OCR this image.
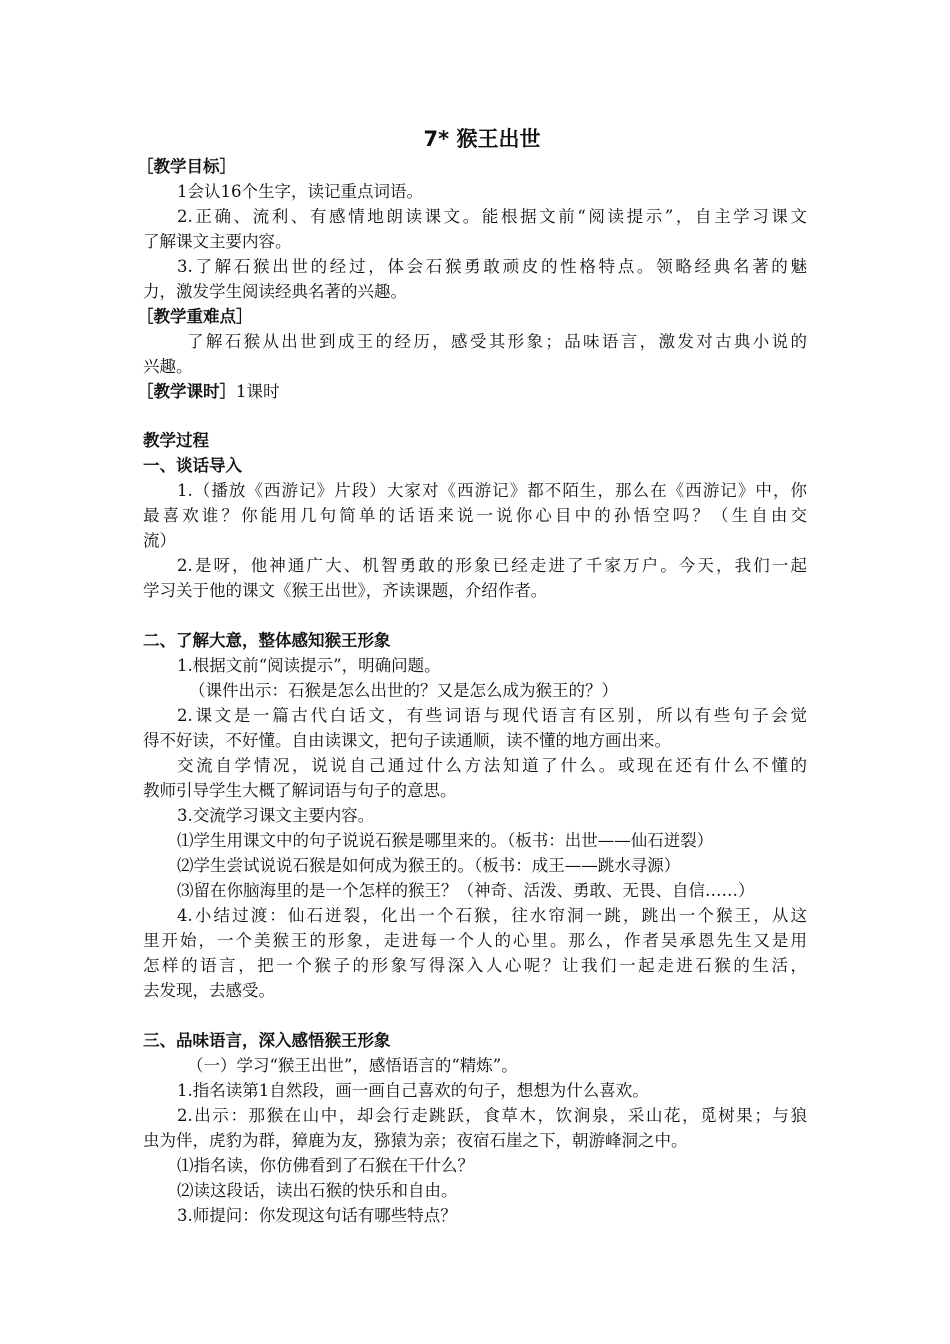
7* 猴王出世

［教学目标］

1会认16个生字，读记重点词语。

2.正确、流利、有感情地朗读课文。能根据文前“阅读提示”，自主学习课文

了解课文主要内容。

3.了解石猴出世的经过，体会石猴勇敢顽皮的性格特点。领略经典名著的魅

力，激发学生阅读经典名著的兴趣。

［教学重难点］

了解石猴从出世到成王的经历，感受其形象；品味语言，激发对古典小说的

兴趣。

［教学课时］1课时

教学过程

一、谈话导入

1.（播放《西游记》片段）大家对《西游记》都不陌生，那么在《西游记》中，你

最喜欢谁？你能用几句简单的话语来说一说你心目中的孙悟空吗？（生自由交

流）

2.是呀，他神通广大、机智勇敢的形象已经走进了千家万户。今天，我们一起

学习关于他的课文《猴王出世》，齐读课题，介绍作者。

二、了解大意，整体感知猴王形象

1.根据文前“阅读提示”，明确问题。

（课件出示：石猴是怎么出世的？又是怎么成为猴王的？）

2.课文是一篇古代白话文，有些词语与现代语言有区别，所以有些句子会觉

得不好读，不好懂。自由读课文，把句子读通顺，读不懂的地方画出来。

交流自学情况，说说自己通过什么方法知道了什么。或现在还有什么不懂的

教师引导学生大概了解词语与句子的意思。

3.交流学习课文主要内容。

⑴学生用课文中的句子说说石猴是哪里来的。（板书：出世——仙石迸裂）

⑵学生尝试说说石猴是如何成为猴王的。（板书：成王——跳水寻源）

⑶留在你脑海里的是一个怎样的猴王？（神奇、活泼、勇敢、无畏、自信……）

4.小结过渡：仙石迸裂，化出一个石猴，往水帘洞一跳，跳出一个猴王，从这

里开始，一个美猴王的形象，走进每一个人的心里。那么，作者吴承恩先生又是用

怎样的语言，把一个猴子的形象写得深入人心呢？让我们一起走进石猴的生活，

去发现，去感受。

三、品味语言，深入感悟猴王形象

（一）学习“猴王出世”，感悟语言的“精炼”。

1.指名读第1自然段，画一画自己喜欢的句子，想想为什么喜欢。

2.出示：那猴在山中，却会行走跳跃，食草木，饮涧泉，采山花，觅树果；与狼

虫为伴，虎豹为群，獐鹿为友，猕猿为亲；夜宿石崖之下，朝游峰洞之中。

⑴指名读，你仿佛看到了石猴在干什么？

⑵读这段话，读出石猴的快乐和自由。

3.师提问：你发现这句话有哪些特点？
